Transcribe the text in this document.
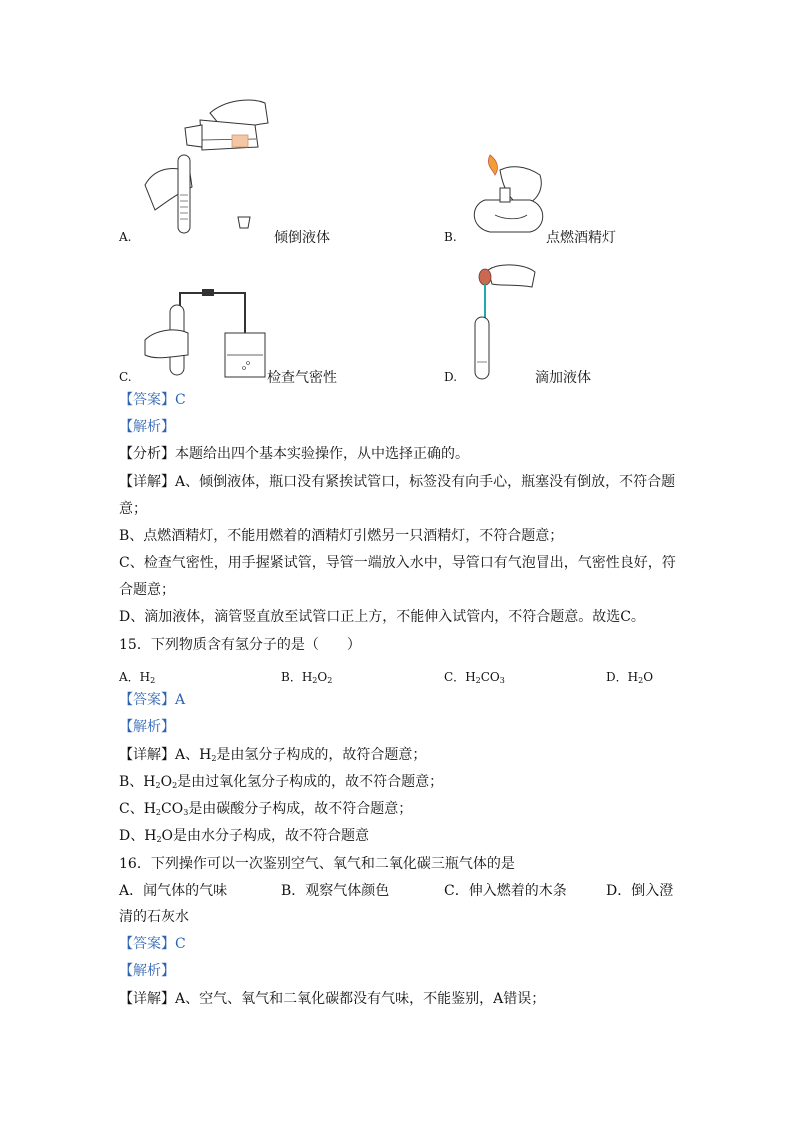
A.	倾倒液体	B.	点燃酒精灯
C.	检查气密性	D.	滴加液体
【答案】C
【解析】
【分析】本题给出四个基本实验操作，从中选择正确的。
【详解】A、倾倒液体，瓶口没有紧挨试管口，标签没有向手心，瓶塞没有倒放，不符合题
意；
B、点燃酒精灯，不能用燃着的酒精灯引燃另一只酒精灯，不符合题意；
C、检查气密性，用手握紧试管，导管一端放入水中，导管口有气泡冒出，气密性良好，符
合题意；
D、滴加液体，滴管竖直放至试管口正上方，不能伸入试管内，不符合题意。故选C。
15．下列物质含有氢分子的是（　　）
A．$H_2$	B．$H_2O_2$	C．$H_2CO_3$	D．$H_2O$
【答案】A
【解析】
【详解】A、$H_2$是由氢分子构成的，故符合题意；
B、$H_2O_2$是由过氧化氢分子构成的，故不符合题意；
C、$H_2CO_3$是由碳酸分子构成，故不符合题意；
D、$H_2O$是由水分子构成，故不符合题意
16．下列操作可以一次鉴别空气、氧气和二氧化碳三瓶气体的是
A．闻气体的气味	B．观察气体颜色	C．伸入燃着的木条	D．倒入澄
清的石灰水
【答案】C
【解析】
【详解】A、空气、氧气和二氧化碳都没有气味，不能鉴别，A错误；
